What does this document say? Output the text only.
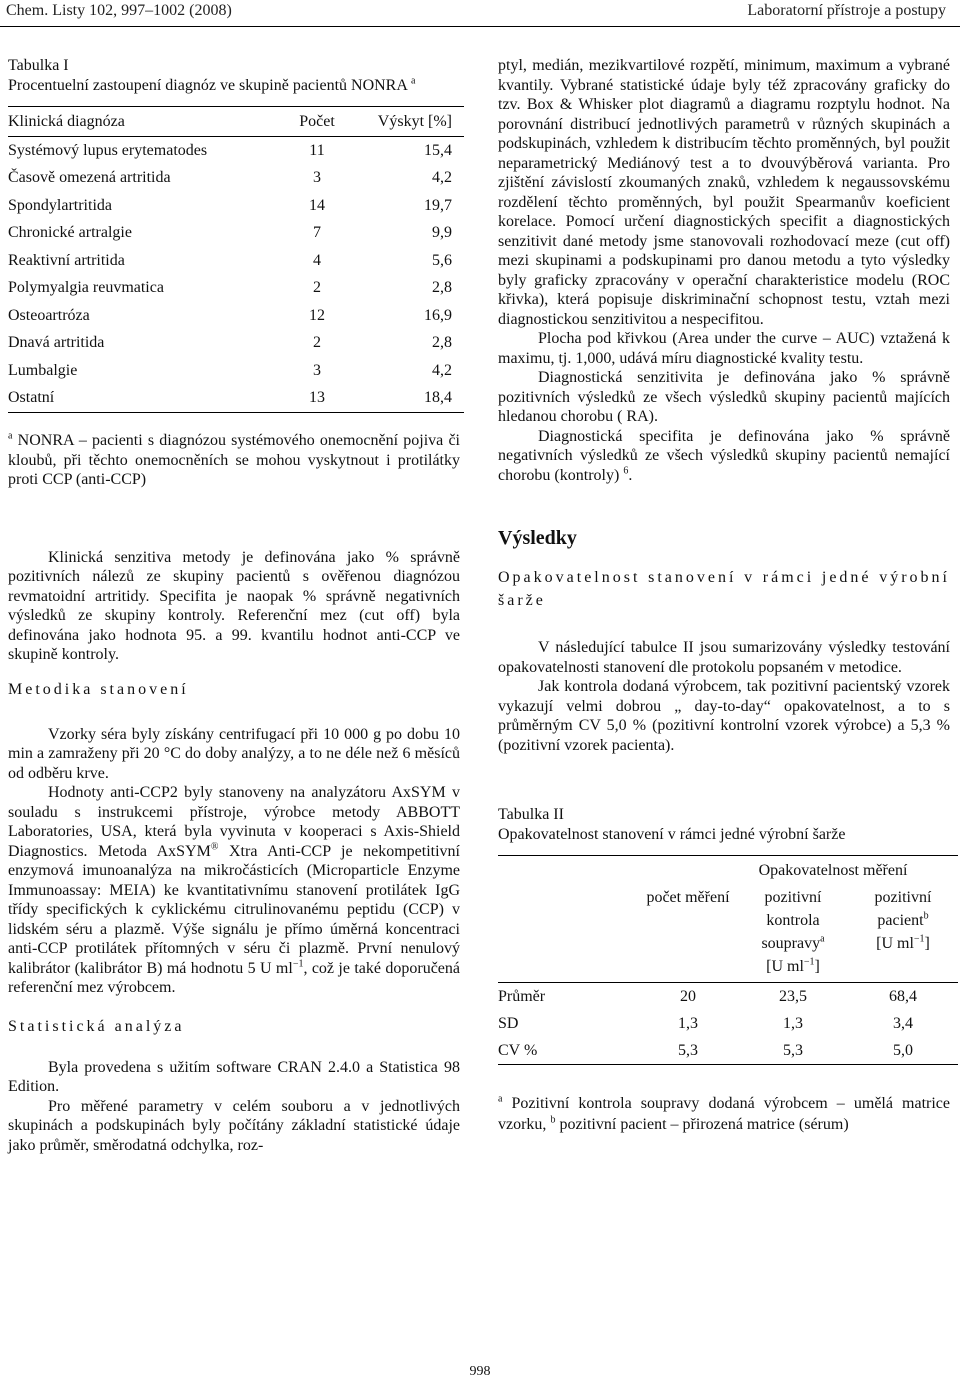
Chem. Listy 102, 997–1002 (2008)	Laboratorní přístroje a postupy
Tabulka I
Procentuelní zastoupení diagnóz ve skupině pacientů NONRA $^a$
Klinická diagnóza	Počet	Výskyt [%]
Systémový lupus erytematodes	11	15,4
Časově omezená artritida	3	4,2
Spondylartritida	14	19,7
Chronické artralgie	7	9,9
Reaktivní artritida	4	5,6
Polymyalgia reuvmatica	2	2,8
Osteoartróza	12	16,9
Dnavá artritida	2	2,8
Lumbalgie	3	4,2
Ostatní	13	18,4

$^a$ NONRA – pacienti s diagnózou systémového onemocnění pojiva či kloubů, při těchto onemocněních se mohou vyskytnout i protilátky proti CCP (anti-CCP)

Klinická senzitiva metody je definována jako % správně pozitivních nálezů ze skupiny pacientů s ověřenou diagnózou revmatoidní artritidy. Specifita je naopak % správně negativních výsledků ze skupiny kontroly. Referenční mez (cut off) byla definována jako hodnota 95. a 99. kvantilu hodnot anti-CCP ve skupině kontroly.

Metodika stanovení

Vzorky séra byly získány centrifugací při 10 000 g po dobu 10 min a zamraženy při 20 °C do doby analýzy, a to ne déle než 6 měsíců od odběru krve.

Hodnoty anti-CCP2 byly stanoveny na analyzátoru AxSYM v souladu s instrukcemi přístroje, výrobce metody ABBOTT Laboratories, USA, která byla vyvinuta v kooperaci s Axis-Shield Diagnostics. Metoda AxSYM® Xtra Anti-CCP je nekompetitivní enzymová imunoanalýza na mikročásticích (Microparticle Enzyme Immunoassay: MEIA) ke kvantitativnímu stanovení protilátek IgG třídy specifických k cyklickému citrulinovanému peptidu (CCP) v lidském séru a plazmě. Výše signálu je přímo úměrná koncentraci anti-CCP protilátek přítomných v séru či plazmě. První nenulový kalibrátor (kalibrátor B) má hodnotu 5 U $ml^{-1}$, což je také doporučená referenční mez výrobcem.

Statistická analýza

Byla provedena s užitím software CRAN 2.4.0 a Statistica 98 Edition.

Pro měřené parametry v celém souboru a v jednotlivých skupinách a podskupinách byly počítány základní statistické údaje jako průměr, směrodatná odchylka, roz-

ptyl, medián, mezikvartilové rozpětí, minimum, maximum a vybrané kvantily. Vybrané statistické údaje byly též zpracovány graficky do tzv. Box & Whisker plot diagramů a diagramu rozptylu hodnot. Na porovnání distribucí jednotlivých parametrů v různých skupinách a podskupinách, vzhledem k distribucím těchto proměnných, byl použit neparametrický Mediánový test a to dvouvýběrová varianta. Pro zjištění závislostí zkoumaných znaků, vzhledem k negaussovskému rozdělení těchto proměnných, byl použit Spearmanův koeficient korelace. Pomocí určení diagnostických specifit a diagnostických senzitivit dané metody jsme stanovovali rozhodovací meze (cut off) mezi skupinami a podskupinami pro danou metodu a tyto výsledky byly graficky zpracovány v operační charakteristice modelu (ROC křivka), která popisuje diskriminační schopnost testu, vztah mezi diagnostickou senzitivitou a nespecifitou.

Plocha pod křivkou (Area under the curve – AUC) vztažená k maximu, tj. 1,000, udává míru diagnostické kvality testu.

Diagnostická senzitivita je definována jako % správně pozitivních výsledků ze všech výsledků skupiny pacientů majících hledanou chorobu ( RA).

Diagnostická specifita je definována jako % správně negativních výsledků ze všech výsledků skupiny pacientů nemající chorobu (kontroly) $^6$.

Výsledky

Opakovatelnost stanovení v rámci jedné výrobní šarže

V následující tabulce II jsou sumarizovány výsledky testování opakovatelnosti stanovení dle protokolu popsaném v metodice.

Jak kontrola dodaná výrobcem, tak pozitivní pacientský vzorek vykazují velmi dobrou „ day-to-day“ opakovatelnost, a to s průměrným CV 5,0 % (pozitivní kontrolní vzorek výrobce) a 5,3 % (pozitivní vzorek pacienta).

Tabulka II
Opakovatelnost stanovení v rámci jedné výrobní šarže
	Opakovatelnost měření		
	počet měření	pozitivní
kontrola
soupravy$^a$
[U $ml^{-1}$]	pozitivní
pacient$^b$
[U $ml^{-1}$]
Průměr	20	23,5	68,4
SD	1,3	1,3	3,4
CV %	5,3	5,3	5,0

$^a$ Pozitivní kontrola soupravy dodaná výrobcem – umělá matrice vzorku, $^b$ pozitivní pacient – přirozená matrice (sérum)

998
